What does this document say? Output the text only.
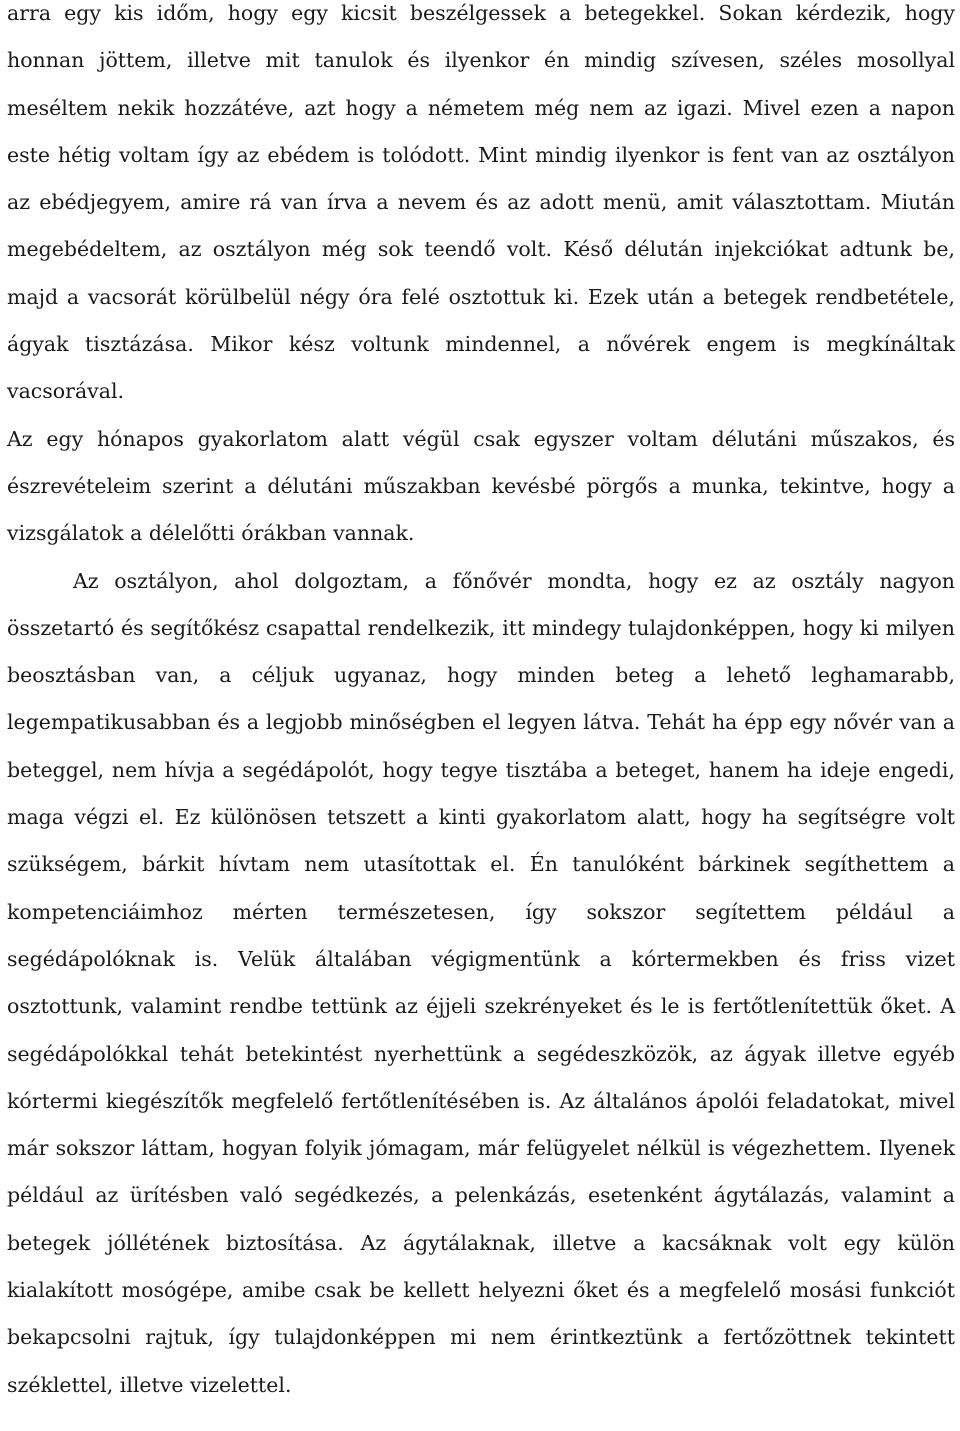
arra egy kis időm, hogy egy kicsit beszélgessek a betegekkel. Sokan kérdezik, hogy honnan jöttem, illetve mit tanulok és ilyenkor én mindig szívesen, széles mosollyal meséltem nekik hozzátéve, azt hogy a németem még nem az igazi. Mivel ezen a napon este hétig voltam így az ebédem is tolódott. Mint mindig ilyenkor is fent van az osztályon az ebédjegyem, amire rá van írva a nevem és az adott menü, amit választottam. Miután megebédeltem, az osztályon még sok teendő volt. Késő délután injekciókat adtunk be, majd a vacsorát körülbelül négy óra felé osztottuk ki. Ezek után a betegek rendbetétele, ágyak tisztázása. Mikor kész voltunk mindennel, a nővérek engem is megkínáltak vacsorával.

Az egy hónapos gyakorlatom alatt végül csak egyszer voltam délutáni műszakos, és észrevételeim szerint a délutáni műszakban kevésbé pörgős a munka, tekintve, hogy a vizsgálatok a délelőtti órákban vannak.

Az osztályon, ahol dolgoztam, a főnővér mondta, hogy ez az osztály nagyon összetartó és segítőkész csapattal rendelkezik, itt mindegy tulajdonképpen, hogy ki milyen beosztásban van, a céljuk ugyanaz, hogy minden beteg a lehető leghamarabb, legempatikusabban és a legjobb minőségben el legyen látva. Tehát ha épp egy nővér van a beteggel, nem hívja a segédápolót, hogy tegye tisztába a beteget, hanem ha ideje engedi, maga végzi el. Ez különösen tetszett a kinti gyakorlatom alatt, hogy ha segítségre volt szükségem, bárkit hívtam nem utasítottak el. Én tanulóként bárkinek segíthettem a kompetenciáimhoz mérten természetesen, így sokszor segítettem például a segédápolóknak is. Velük általában végigmentünk a kórtermekben és friss vizet osztottunk, valamint rendbe tettünk az éjjeli szekrényeket és le is fertőtlenítettük őket. A segédápolókkal tehát betekintést nyerhettünk a segédeszközök, az ágyak illetve egyéb kórtermi kiegészítők megfelelő fertőtlenítésében is. Az általános ápolói feladatokat, mivel már sokszor láttam, hogyan folyik jómagam, már felügyelet nélkül is végezhettem. Ilyenek például az ürítésben való segédkezés, a pelenkázás, esetenként ágytálazás, valamint a betegek jóllétének biztosítása. Az ágytálaknak, illetve a kacsáknak volt egy külön kialakított mosógépe, amibe csak be kellett helyezni őket és a megfelelő mosási funkciót bekapcsolni rajtuk, így tulajdonképpen mi nem érintkeztünk a fertőzöttnek tekintett széklettel, illetve vizelettel.
